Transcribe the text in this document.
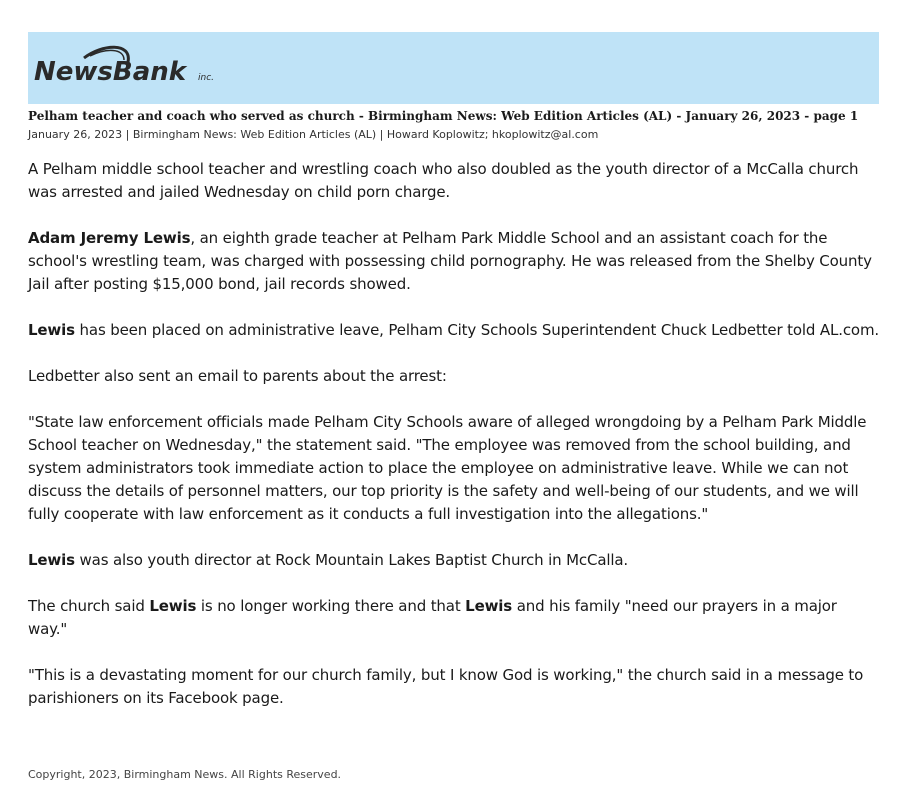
NewsBank inc.
Pelham teacher and coach who served as church - Birmingham News: Web Edition Articles (AL) - January 26, 2023 - page 1
January 26, 2023 | Birmingham News: Web Edition Articles (AL) | Howard Koplowitz; hkoplowitz@al.com

A Pelham middle school teacher and wrestling coach who also doubled as the youth director of a McCalla church was arrested and jailed Wednesday on child porn charge.

Adam Jeremy Lewis, an eighth grade teacher at Pelham Park Middle School and an assistant coach for the school's wrestling team, was charged with possessing child pornography. He was released from the Shelby County Jail after posting $15,000 bond, jail records showed.

Lewis has been placed on administrative leave, Pelham City Schools Superintendent Chuck Ledbetter told AL.com.

Ledbetter also sent an email to parents about the arrest:

"State law enforcement officials made Pelham City Schools aware of alleged wrongdoing by a Pelham Park Middle School teacher on Wednesday," the statement said. "The employee was removed from the school building, and system administrators took immediate action to place the employee on administrative leave. While we can not discuss the details of personnel matters, our top priority is the safety and well-being of our students, and we will fully cooperate with law enforcement as it conducts a full investigation into the allegations."

Lewis was also youth director at Rock Mountain Lakes Baptist Church in McCalla.

The church said Lewis is no longer working there and that Lewis and his family "need our prayers in a major way."

"This is a devastating moment for our church family, but I know God is working," the church said in a message to parishioners on its Facebook page.

Copyright, 2023, Birmingham News. All Rights Reserved.
